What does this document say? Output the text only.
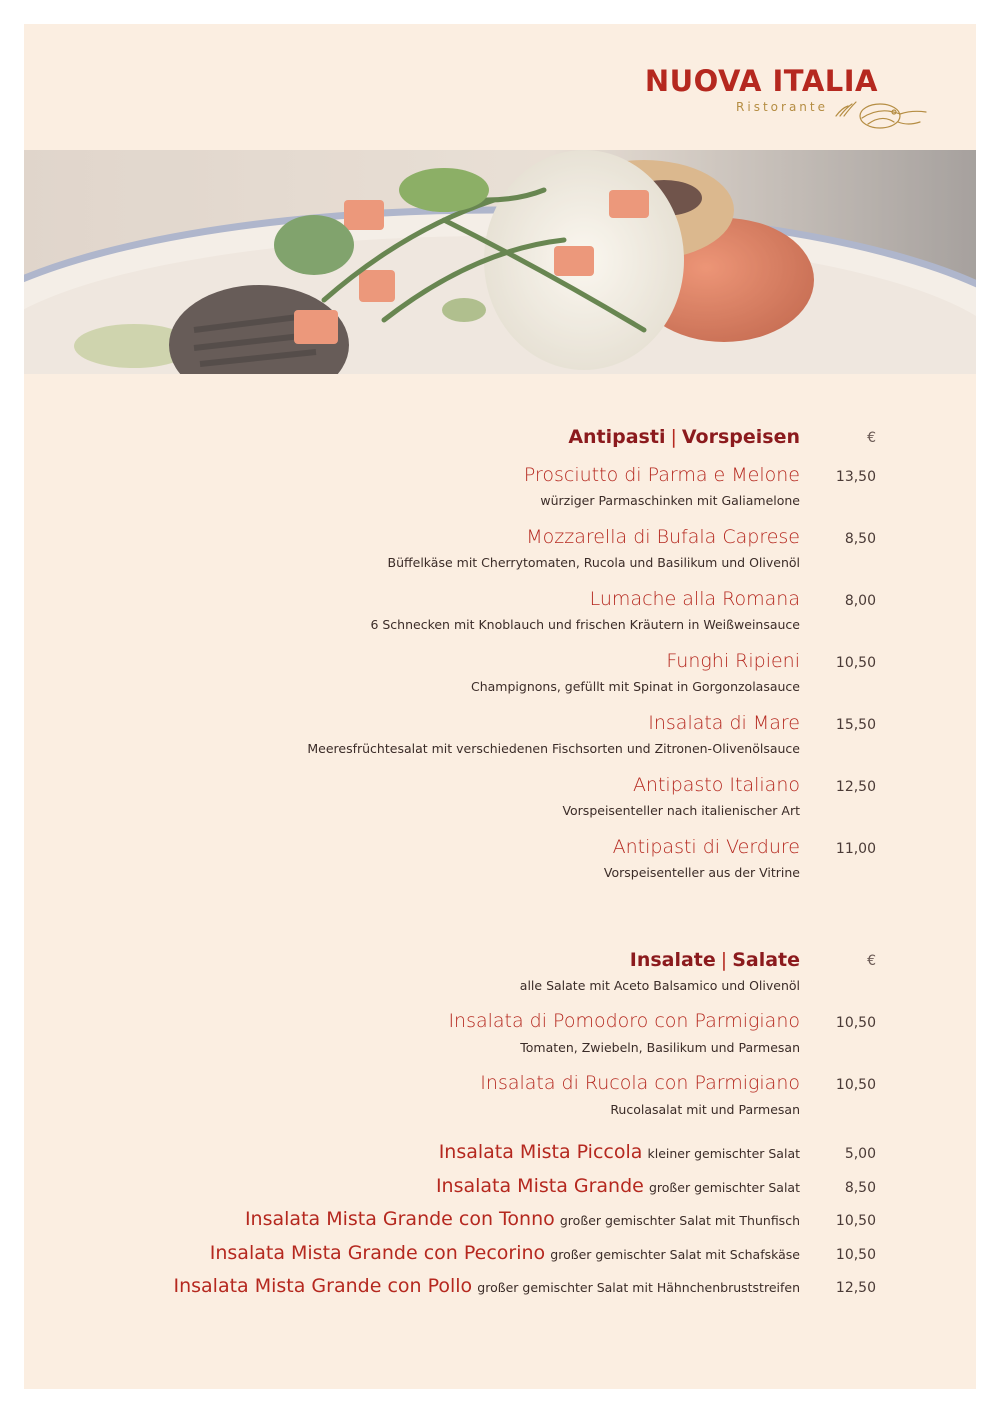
NUOVA ITALIA
Ristorante
Antipasti | Vorspeisen	€
Prosciutto di Parma e Melone	13,50
würziger Parmaschinken mit Galiamelone
Mozzarella di Bufala Caprese	8,50
Büffelkäse mit Cherrytomaten, Rucola und Basilikum und Olivenöl
Lumache alla Romana	8,00
6 Schnecken mit Knoblauch und frischen Kräutern in Weißweinsauce
Funghi Ripieni	10,50
Champignons, gefüllt mit Spinat in Gorgonzolasauce
Insalata di Mare	15,50
Meeresfrüchtesalat mit verschiedenen Fischsorten und Zitronen-Olivenölsauce
Antipasto Italiano	12,50
Vorspeisenteller nach italienischer Art
Antipasti di Verdure	11,00
Vorspeisenteller aus der Vitrine
Insalate | Salate	€
alle Salate mit Aceto Balsamico und Olivenöl
Insalata di Pomodoro con Parmigiano	10,50
Tomaten, Zwiebeln, Basilikum und Parmesan
Insalata di Rucola con Parmigiano	10,50
Rucolasalat mit und Parmesan
Insalata Mista Piccola kleiner gemischter Salat	5,00
Insalata Mista Grande großer gemischter Salat	8,50
Insalata Mista Grande con Tonno großer gemischter Salat mit Thunfisch	10,50
Insalata Mista Grande con Pecorino großer gemischter Salat mit Schafskäse	10,50
Insalata Mista Grande con Pollo großer gemischter Salat mit Hähnchenbruststreifen	12,50
